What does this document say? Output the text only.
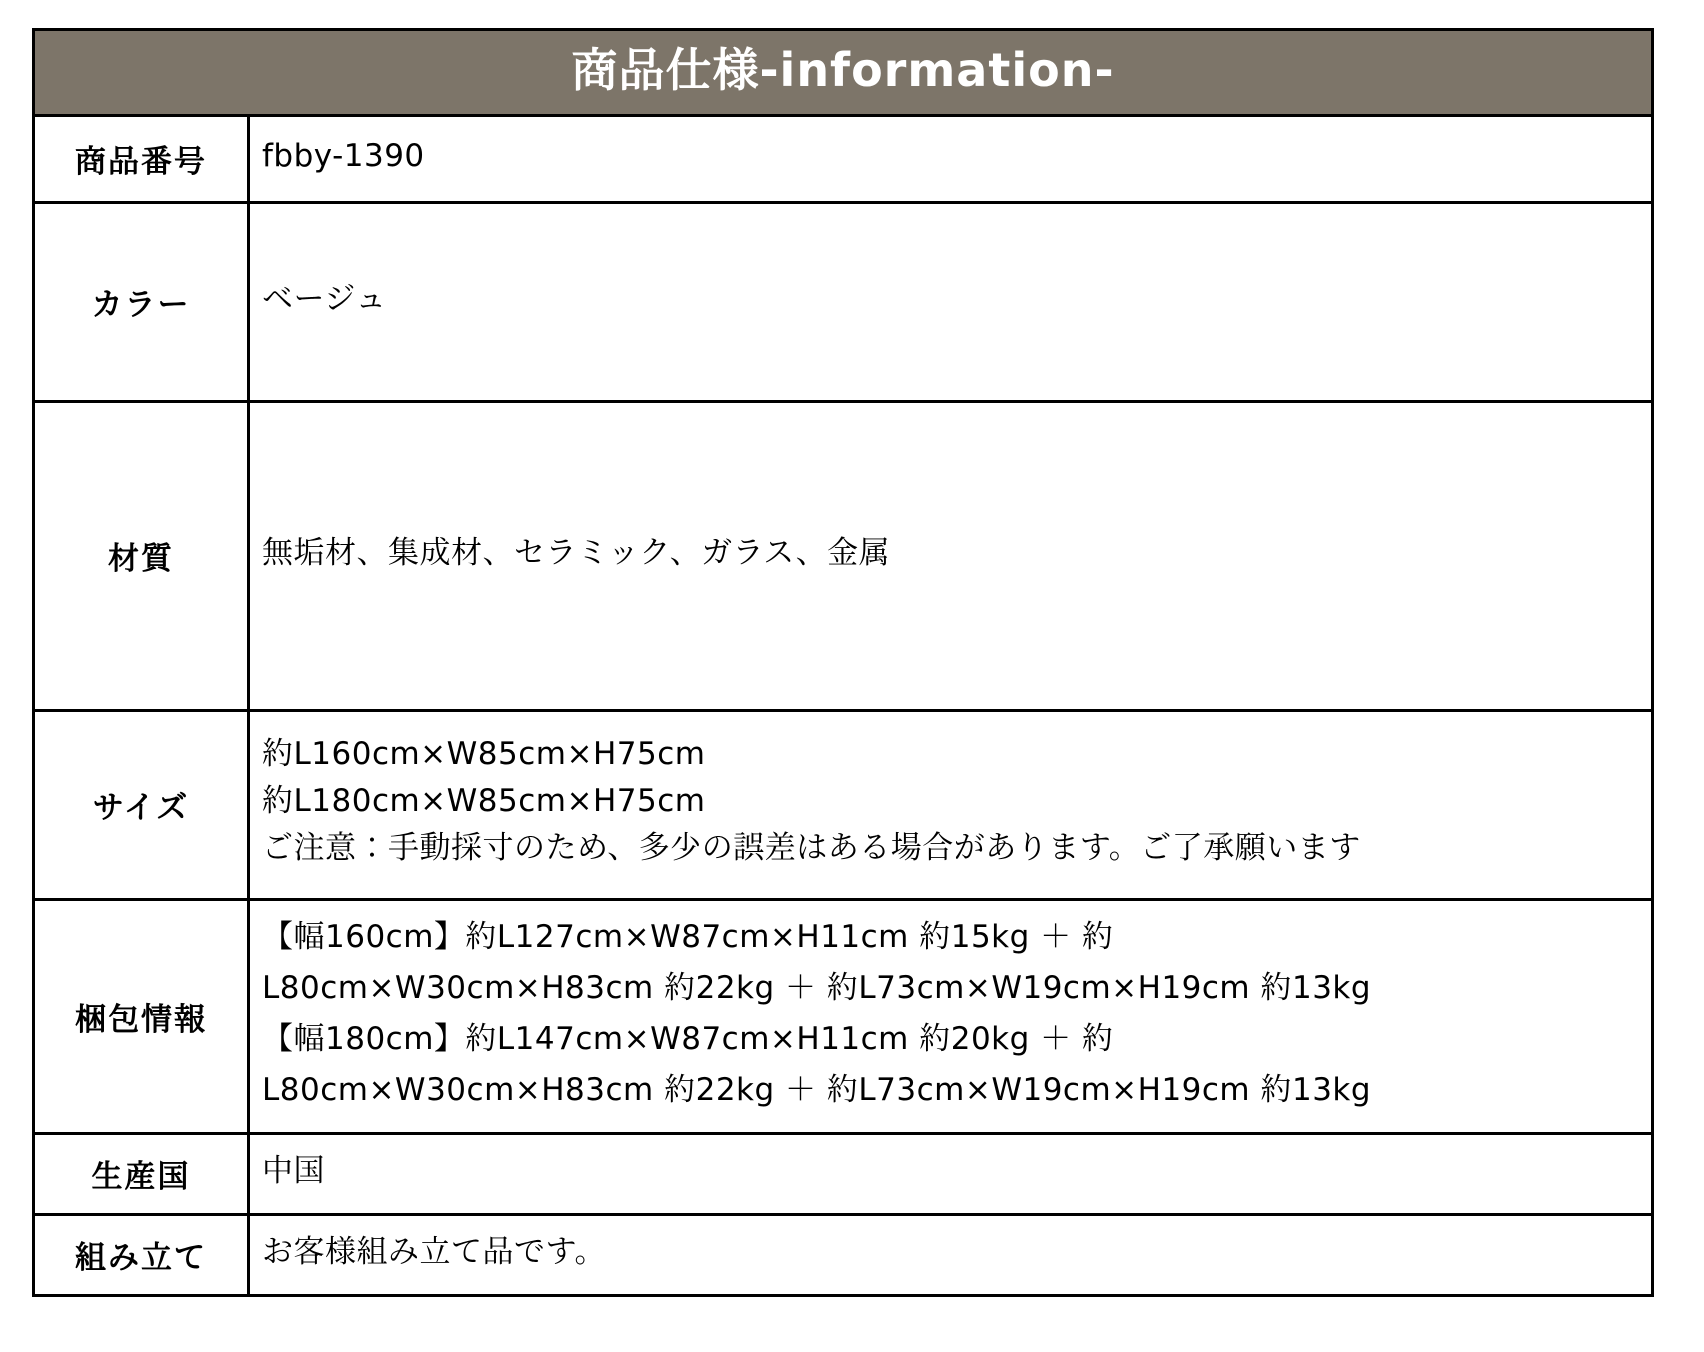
商品仕様-information-	
商品番号	fbby-1390

カラー	ベージュ

材質	無垢材、集成材、セラミック、ガラス、金属

サイズ	約L160cm×W85cm×H75cm
約L180cm×W85cm×H75cm
ご注意：手動採寸のため、多少の誤差はある場合があります。ご了承願います

梱包情報	【幅160cm】約L127cm×W87cm×H11cm 約15kg ＋ 約
L80cm×W30cm×H83cm 約22kg ＋ 約L73cm×W19cm×H19cm 約13kg
【幅180cm】約L147cm×W87cm×H11cm 約20kg ＋ 約
L80cm×W30cm×H83cm 約22kg ＋ 約L73cm×W19cm×H19cm 約13kg

生産国	中国

組み立て	お客様組み立て品です。
